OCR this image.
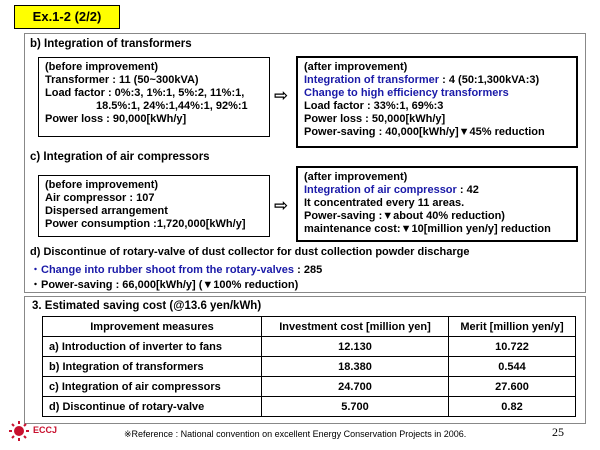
Ex.1-2 (2/2)
b) Integration of transformers
(before improvement)
Transformer : 11 (50~300kVA)
Load factor : 0%:3, 1%:1, 5%:2, 11%:1,
18.5%:1, 24%:1,44%:1, 92%:1
Power loss : 90,000[kWh/y]
⇨
(after improvement)
Integration of transformer : 4 (50:1,300kVA:3)
Change to high efficiency transformers
Load factor : 33%:1, 69%:3
Power loss : 50,000[kWh/y]
Power-saving : 40,000[kWh/y]▼45% reduction
c) Integration of air compressors
(before improvement)
Air compressor : 107
Dispersed arrangement
Power consumption :1,720,000[kWh/y]
⇨
(after improvement)
Integration of air compressor : 42
It concentrated every 11 areas.
Power-saving :▼about 40% reduction)
maintenance cost:▼10[million yen/y] reduction
d) Discontinue of rotary-valve of dust collector for dust collection powder discharge
・Change into rubber shoot from the rotary-valves : 285
・Power-saving : 66,000[kWh/y] (▼100% reduction)
3. Estimated saving cost (@13.6 yen/kWh)
Improvement measures	Investment cost [million yen]	Merit [million yen/y]
a) Introduction of inverter to fans	12.130	10.722
b) Integration of transformers	18.380	0.544
c) Integration of air compressors	24.700	27.600
d) Discontinue of rotary-valve	5.700	0.82
ECCJ	※Reference : National convention on excellent Energy Conservation Projects in 2006.	25
